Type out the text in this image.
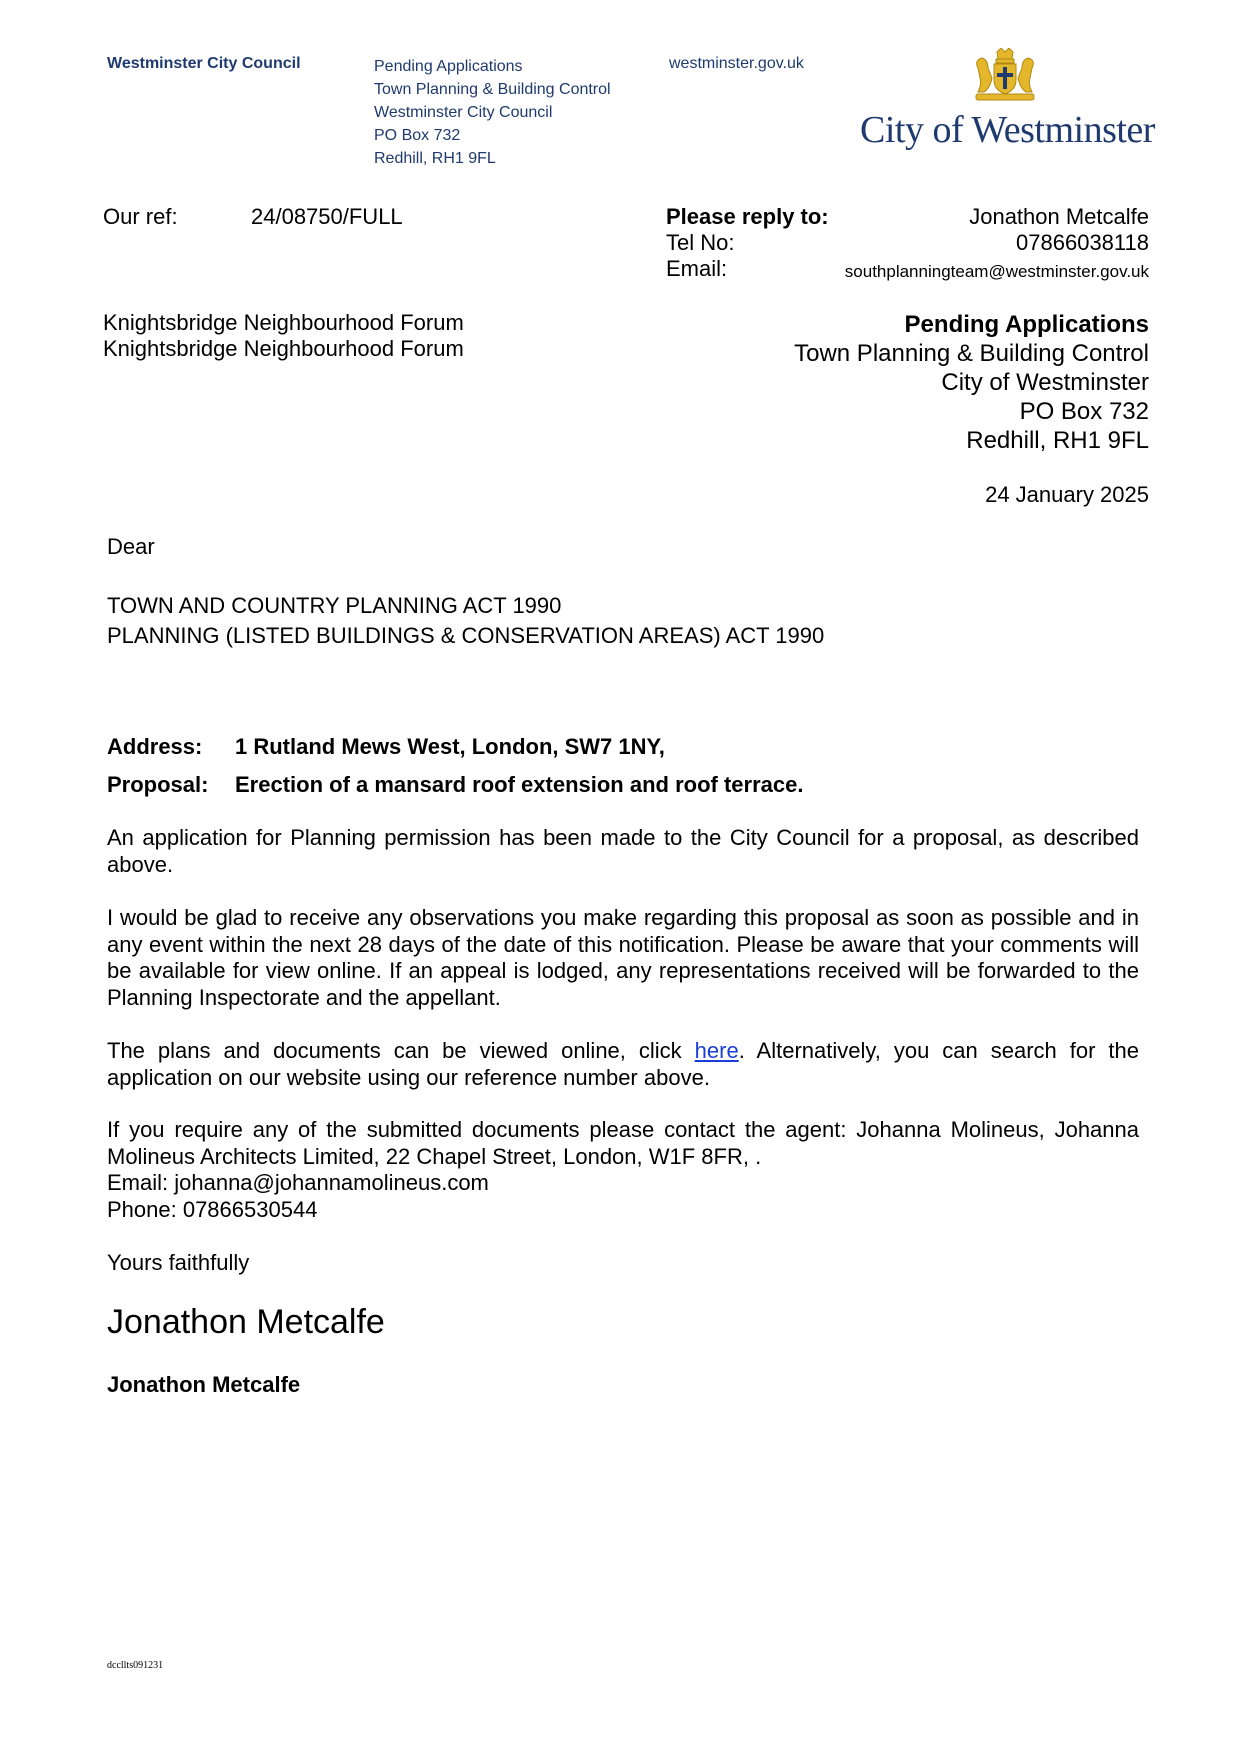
Westminster City Council	Pending Applications
Town Planning & Building Control
Westminster City Council
PO Box 732
Redhill, RH1 9FL
westminster.gov.uk
City of Westminster
Our ref:	24/08750/FULL	Please reply to:	Jonathon Metcalfe
Tel No:	07866038118
Email:	southplanningteam@westminster.gov.uk
Knightsbridge Neighbourhood Forum
Knightsbridge Neighbourhood Forum
Pending Applications
Town Planning & Building Control
City of Westminster
PO Box 732
Redhill, RH1 9FL
24 January 2025
Dear
TOWN AND COUNTRY PLANNING ACT 1990
PLANNING (LISTED BUILDINGS & CONSERVATION AREAS) ACT 1990
Address: 1 Rutland Mews West, London, SW7 1NY,
Proposal: Erection of a mansard roof extension and roof terrace.
An application for Planning permission has been made to the City Council for a proposal, as described above.
I would be glad to receive any observations you make regarding this proposal as soon as possible and in any event within the next 28 days of the date of this notification. Please be aware that your comments will be available for view online. If an appeal is lodged, any representations received will be forwarded to the Planning Inspectorate and the appellant.
The plans and documents can be viewed online, click here. Alternatively, you can search for the application on our website using our reference number above.
If you require any of the submitted documents please contact the agent: Johanna Molineus, Johanna Molineus Architects Limited, 22 Chapel Street, London, W1F 8FR, .
Email: johanna@johannamolineus.com
Phone: 07866530544
Yours faithfully
Jonathon Metcalfe
Jonathon Metcalfe
dccllts091231
